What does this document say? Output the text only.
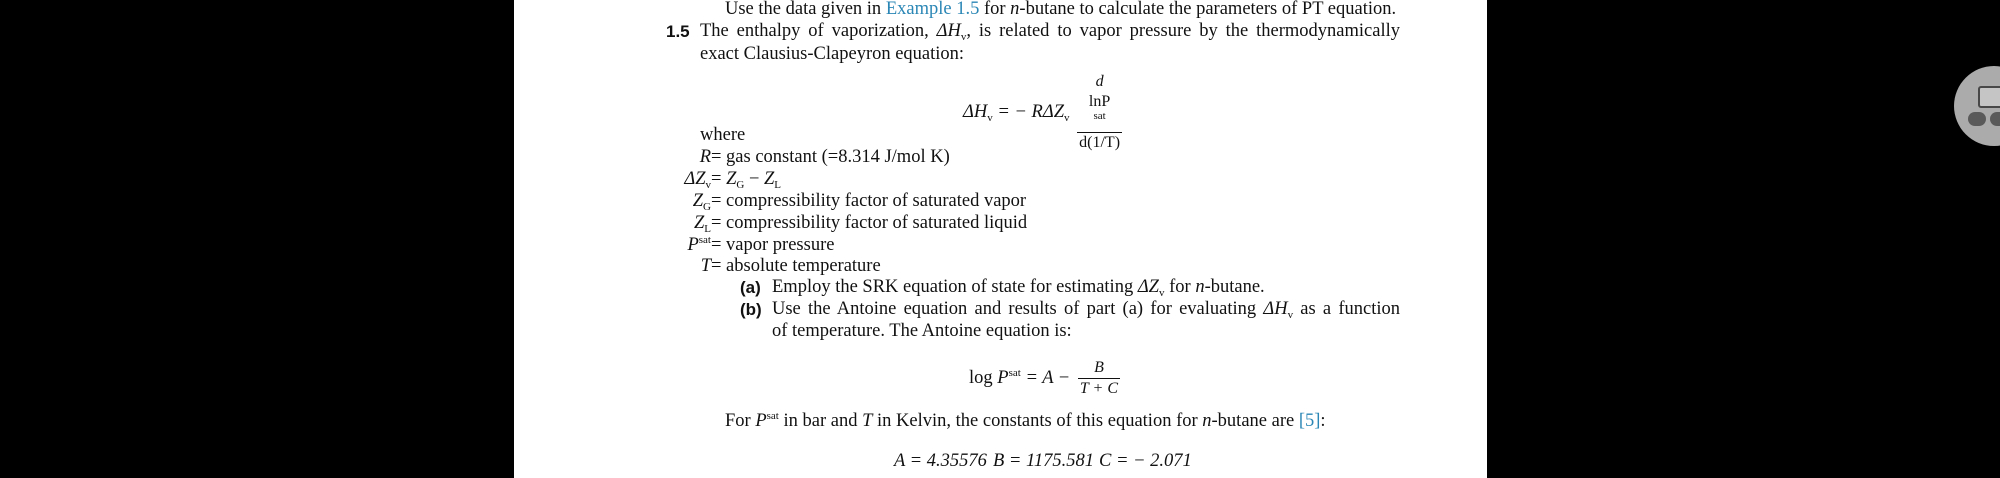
Use the data given in Example 1.5 for n-butane to calculate the parameters of PT equation.
1.5 The enthalpy of vaporization, $\Delta H_v$, is related to vapor pressure by the thermodynamically
exact Clausius-Clapeyron equation:
$\Delta H_v$ = − $R\Delta Z_v$ d
lnP
$^{sat}$
d(1/T)
where
R = gas constant (=8.314 J/mol K)
$\Delta Z_v = Z_G - Z_L$
$Z_G$ = compressibility factor of saturated vapor
$Z_L$ = compressibility factor of saturated liquid
$P^{sat}$ = vapor pressure
T = absolute temperature
(a) Employ the SRK equation of state for estimating $\Delta Z_v$ for n-butane.
(b) Use the Antoine equation and results of part (a) for evaluating $\Delta H_v$ as a function
of temperature. The Antoine equation is:
$\log P^{sat} = A - \frac{B}{T + C}$
For $P^{sat}$ in bar and T in Kelvin, the constants of this equation for n-butane are [5]:
A = 4.35576 B = 1175.581 C = − 2.071
